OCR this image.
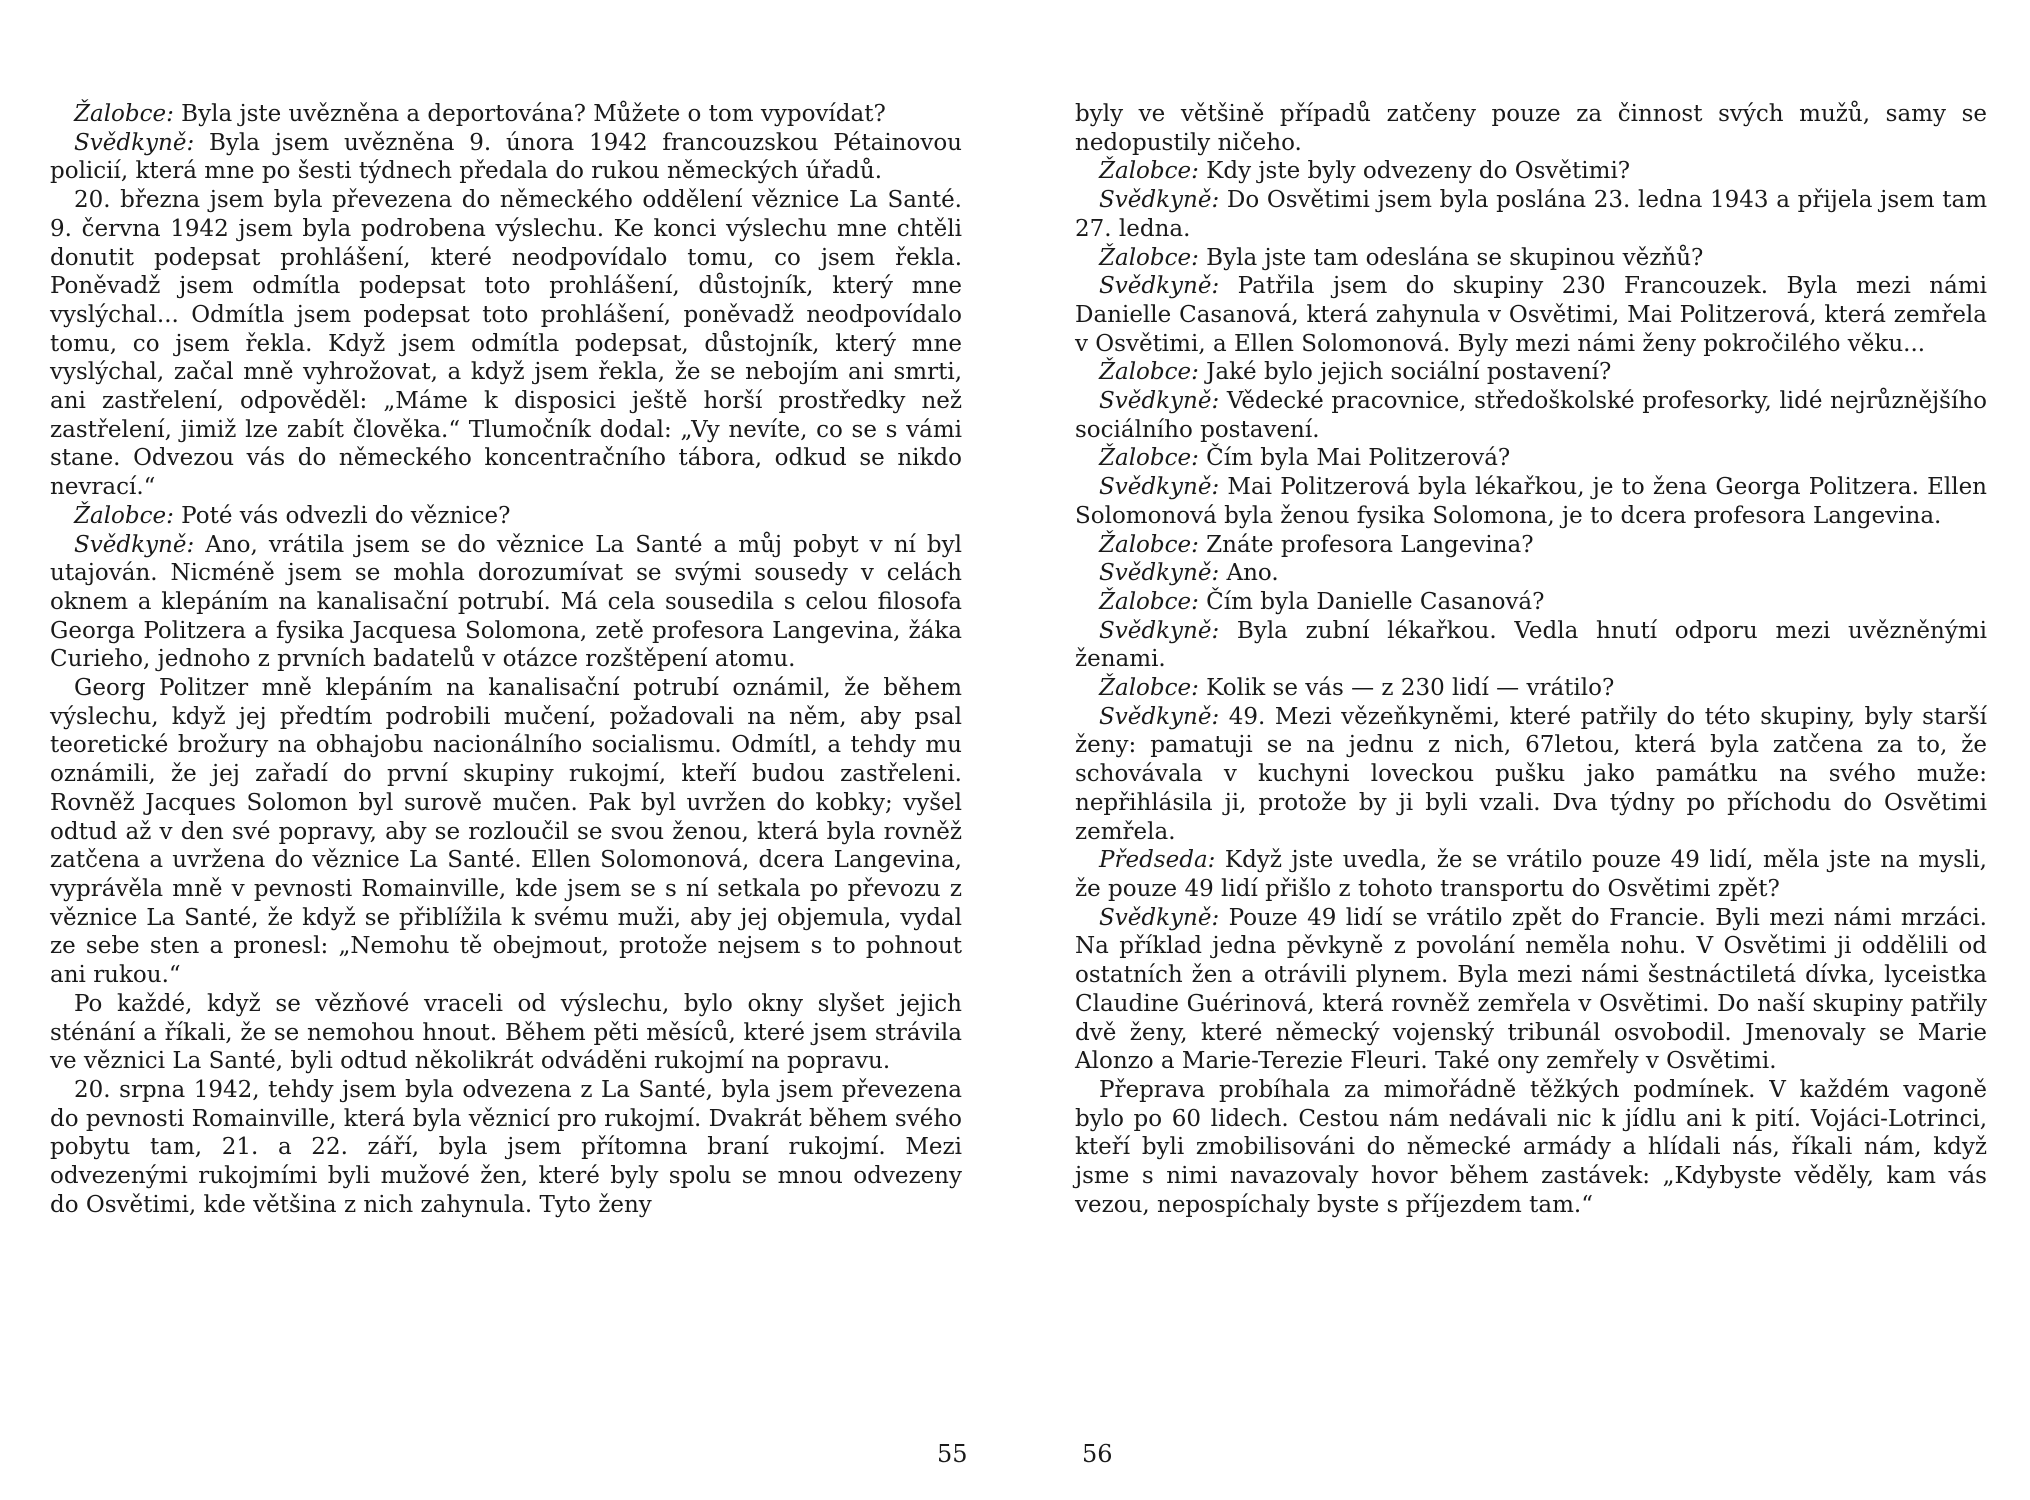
Žalobce: Byla jste uvězněna a deportována? Můžete o tom vypovídat?

Svědkyně: Byla jsem uvězněna 9. února 1942 francouzskou Pétainovou policií, která mne po šesti týdnech předala do rukou německých úřadů.

20. března jsem byla převezena do německého oddělení věznice La Santé. 9. června 1942 jsem byla podrobena výslechu. Ke konci výslechu mne chtěli donutit podepsat prohlášení, které neodpovídalo tomu, co jsem řekla. Poněvadž jsem odmítla podepsat toto prohlášení, důstojník, který mne vyslýchal... Odmítla jsem podepsat toto prohlášení, poněvadž neodpovídalo tomu, co jsem řekla. Když jsem odmítla podepsat, důstojník, který mne vyslýchal, začal mně vyhrožovat, a když jsem řekla, že se nebojím ani smrti, ani zastřelení, odpověděl: „Máme k disposici ještě horší prostředky než zastřelení, jimiž lze zabít člověka.“ Tlumočník dodal: „Vy nevíte, co se s vámi stane. Odvezou vás do německého koncentračního tábora, odkud se nikdo nevrací.“

Žalobce: Poté vás odvezli do věznice?

Svědkyně: Ano, vrátila jsem se do věznice La Santé a můj pobyt v ní byl utajován. Nicméně jsem se mohla dorozumívat se svými sousedy v celách oknem a klepáním na kanalisační potrubí. Má cela sousedila s celou filosofa Georga Politzera a fysika Jacquesa Solomona, zetě profesora Langevina, žáka Curieho, jednoho z prvních badatelů v otázce rozštěpení atomu.

Georg Politzer mně klepáním na kanalisační potrubí oznámil, že během výslechu, když jej předtím podrobili mučení, požadovali na něm, aby psal teoretické brožury na obhajobu nacionálního socialismu. Odmítl, a tehdy mu oznámili, že jej zařadí do první skupiny rukojmí, kteří budou zastřeleni. Rovněž Jacques Solomon byl surově mučen. Pak byl uvržen do kobky; vyšel odtud až v den své popravy, aby se rozloučil se svou ženou, která byla rovněž zatčena a uvržena do věznice La Santé. Ellen Solomonová, dcera Langevina, vyprávěla mně v pevnosti Romainville, kde jsem se s ní setkala po převozu z věznice La Santé, že když se přiblížila k svému muži, aby jej objemula, vydal ze sebe sten a pronesl: „Nemohu tě obejmout, protože nejsem s to pohnout ani rukou.“

Po každé, když se vězňové vraceli od výslechu, bylo okny slyšet jejich sténání a říkali, že se nemohou hnout. Během pěti měsíců, které jsem strávila ve věznici La Santé, byli odtud několikrát odváděni rukojmí na popravu.

20. srpna 1942, tehdy jsem byla odvezena z La Santé, byla jsem převezena do pevnosti Romainville, která byla věznicí pro rukojmí. Dvakrát během svého pobytu tam, 21. a 22. září, byla jsem přítomna braní rukojmí. Mezi odvezenými rukojmími byli mužové žen, které byly spolu se mnou odvezeny do Osvětimi, kde většina z nich zahynula. Tyto ženy

55

byly ve většině případů zatčeny pouze za činnost svých mužů, samy se nedopustily ničeho.

Žalobce: Kdy jste byly odvezeny do Osvětimi?

Svědkyně: Do Osvětimi jsem byla poslána 23. ledna 1943 a přijela jsem tam 27. ledna.

Žalobce: Byla jste tam odeslána se skupinou vězňů?

Svědkyně: Patřila jsem do skupiny 230 Francouzek. Byla mezi námi Danielle Casanová, která zahynula v Osvětimi, Mai Politzerová, která zemřela v Osvětimi, a Ellen Solomonová. Byly mezi námi ženy pokročilého věku...

Žalobce: Jaké bylo jejich sociální postavení?

Svědkyně: Vědecké pracovnice, středoškolské profesorky, lidé nejrůznějšího sociálního postavení.

Žalobce: Čím byla Mai Politzerová?

Svědkyně: Mai Politzerová byla lékařkou, je to žena Georga Politzera. Ellen Solomonová byla ženou fysika Solomona, je to dcera profesora Langevina.

Žalobce: Znáte profesora Langevina?

Svědkyně: Ano.

Žalobce: Čím byla Danielle Casanová?

Svědkyně: Byla zubní lékařkou. Vedla hnutí odporu mezi uvězněnými ženami.

Žalobce: Kolik se vás — z 230 lidí — vrátilo?

Svědkyně: 49. Mezi vězeňkyněmi, které patřily do této skupiny, byly starší ženy: pamatuji se na jednu z nich, 67letou, která byla zatčena za to, že schovávala v kuchyni loveckou pušku jako památku na svého muže: nepřihlásila ji, protože by ji byli vzali. Dva týdny po příchodu do Osvětimi zemřela.

Předseda: Když jste uvedla, že se vrátilo pouze 49 lidí, měla jste na mysli, že pouze 49 lidí přišlo z tohoto transportu do Osvětimi zpět?

Svědkyně: Pouze 49 lidí se vrátilo zpět do Francie. Byli mezi námi mrzáci. Na příklad jedna pěvkyně z povolání neměla nohu. V Osvětimi ji oddělili od ostatních žen a otrávili plynem. Byla mezi námi šestnáctiletá dívka, lyceistka Claudine Guérinová, která rovněž zemřela v Osvětimi. Do naší skupiny patřily dvě ženy, které německý vojenský tribunál osvobodil. Jmenovaly se Marie Alonzo a Marie-Terezie Fleuri. Také ony zemřely v Osvětimi.

Přeprava probíhala za mimořádně těžkých podmínek. V každém vagoně bylo po 60 lidech. Cestou nám nedávali nic k jídlu ani k pití. Vojáci-Lotrinci, kteří byli zmobilisováni do německé armády a hlídali nás, říkali nám, když jsme s nimi navazovaly hovor během zastávek: „Kdybyste věděly, kam vás vezou, nepospíchaly byste s příjezdem tam.“

56
